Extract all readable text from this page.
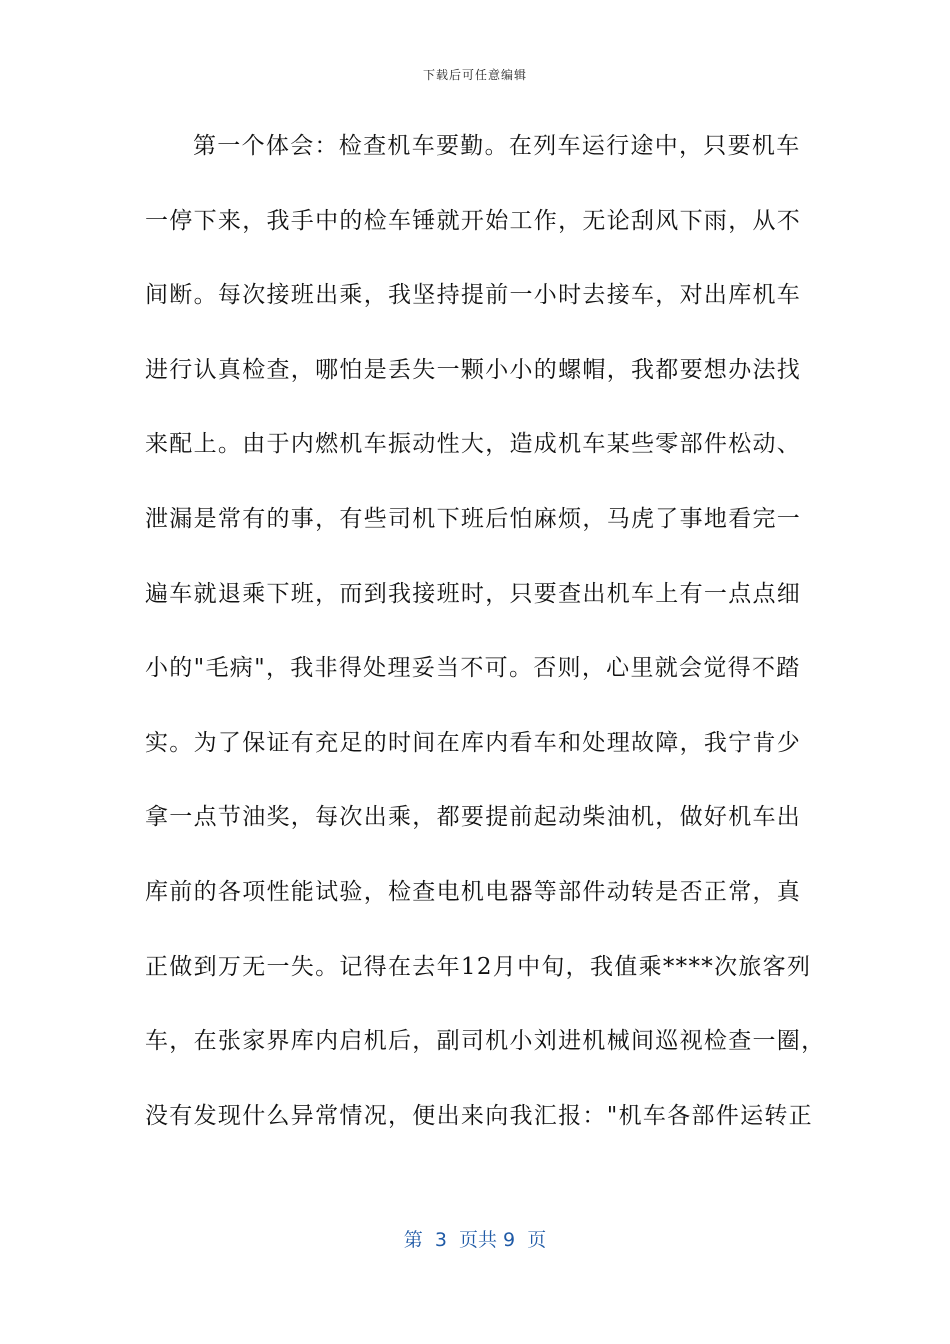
下载后可任意编辑
第一个体会：检查机车要勤。在列车运行途中，只要机车
一停下来，我手中的检车锤就开始工作，无论刮风下雨，从不
间断。每次接班出乘，我坚持提前一小时去接车，对出库机车
进行认真检查，哪怕是丢失一颗小小的螺帽，我都要想办法找
来配上。由于内燃机车振动性大，造成机车某些零部件松动、
泄漏是常有的事，有些司机下班后怕麻烦，马虎了事地看完一
遍车就退乘下班，而到我接班时，只要查出机车上有一点点细
小的"毛病"，我非得处理妥当不可。否则，心里就会觉得不踏
实。为了保证有充足的时间在库内看车和处理故障，我宁肯少
拿一点节油奖，每次出乘，都要提前起动柴油机，做好机车出
库前的各项性能试验，检查电机电器等部件动转是否正常，真
正做到万无一失。记得在去年12月中旬，我值乘****次旅客列
车，在张家界库内启机后，副司机小刘进机械间巡视检查一圈，
没有发现什么异常情况，便出来向我汇报："机车各部件运转正
第  3  页共 9  页
